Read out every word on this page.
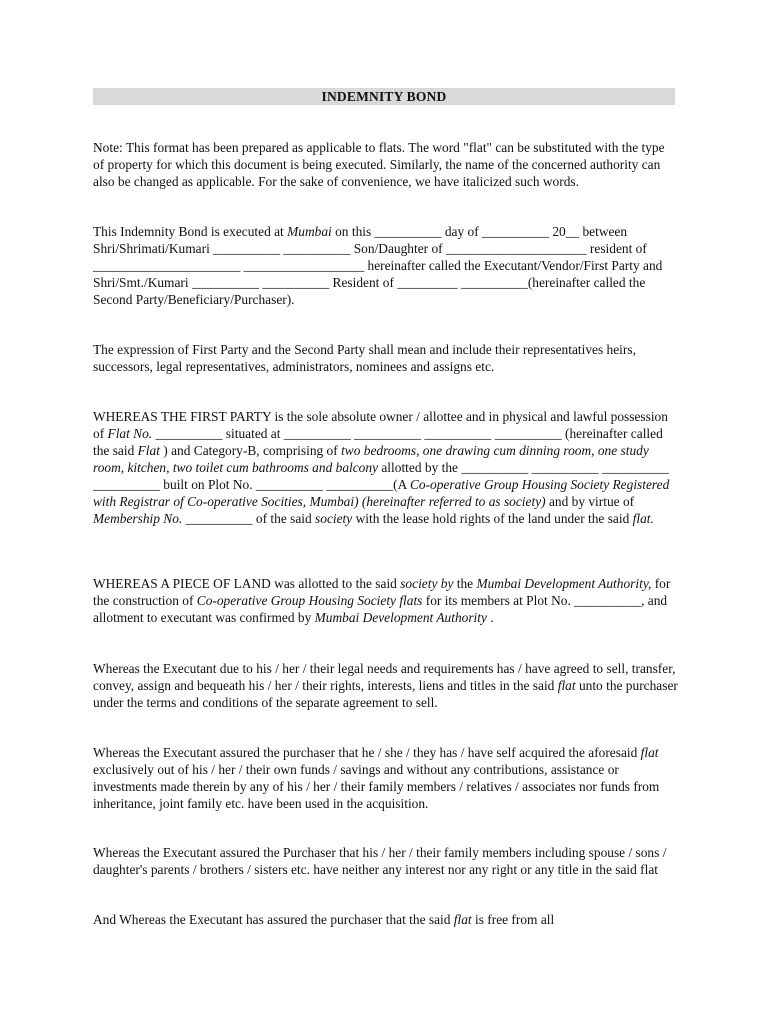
INDEMNITY BOND

Note: This format has been prepared as applicable to flats. The word "flat" can be substituted with the type of property for which this document is being executed. Similarly, the name of the concerned authority can also be changed as applicable. For the sake of convenience, we have italicized such words.

This Indemnity Bond is executed at Mumbai on this __________ day of __________ 20__ between Shri/Shrimati/Kumari __________ __________ Son/Daughter of _____________________ resident of ______________________ __________________ hereinafter called the Executant/Vendor/First Party and Shri/Smt./Kumari __________ __________ Resident of _________ __________(hereinafter called the Second Party/Beneficiary/Purchaser).

The expression of First Party and the Second Party shall mean and include their representatives heirs, successors, legal representatives, administrators, nominees and assigns etc.

WHEREAS THE FIRST PARTY is the sole absolute owner / allottee and in physical and lawful possession of Flat No. __________ situated at __________ __________ __________ __________ (hereinafter called the said Flat ) and Category-B, comprising of two bedrooms, one drawing cum dinning room, one study room, kitchen, two toilet cum bathrooms and balcony allotted by the __________ __________ __________ __________ built on Plot No. __________ __________(A Co-operative Group Housing Society Registered with Registrar of Co-operative Socities, Mumbai) (hereinafter referred to as society) and by virtue of Membership No. __________ of the said society with the lease hold rights of the land under the said flat.

WHEREAS A PIECE OF LAND was allotted to the said society by the Mumbai Development Authority, for the construction of Co-operative Group Housing Society flats for its members at Plot No. __________, and allotment to executant was confirmed by Mumbai Development Authority .

Whereas the Executant due to his / her / their legal needs and requirements has / have agreed to sell, transfer, convey, assign and bequeath his / her / their rights, interests, liens and titles in the said flat unto the purchaser under the terms and conditions of the separate agreement to sell.

Whereas the Executant assured the purchaser that he / she / they has / have self acquired the aforesaid flat exclusively out of his / her / their own funds / savings and without any contributions, assistance or investments made therein by any of his / her / their family members / relatives / associates nor funds from inheritance, joint family etc. have been used in the acquisition.

Whereas the Executant assured the Purchaser that his / her / their family members including spouse / sons / daughter's parents / brothers / sisters etc. have neither any interest nor any right or any title in the said flat

And Whereas the Executant has assured the purchaser that the said flat is free from all
